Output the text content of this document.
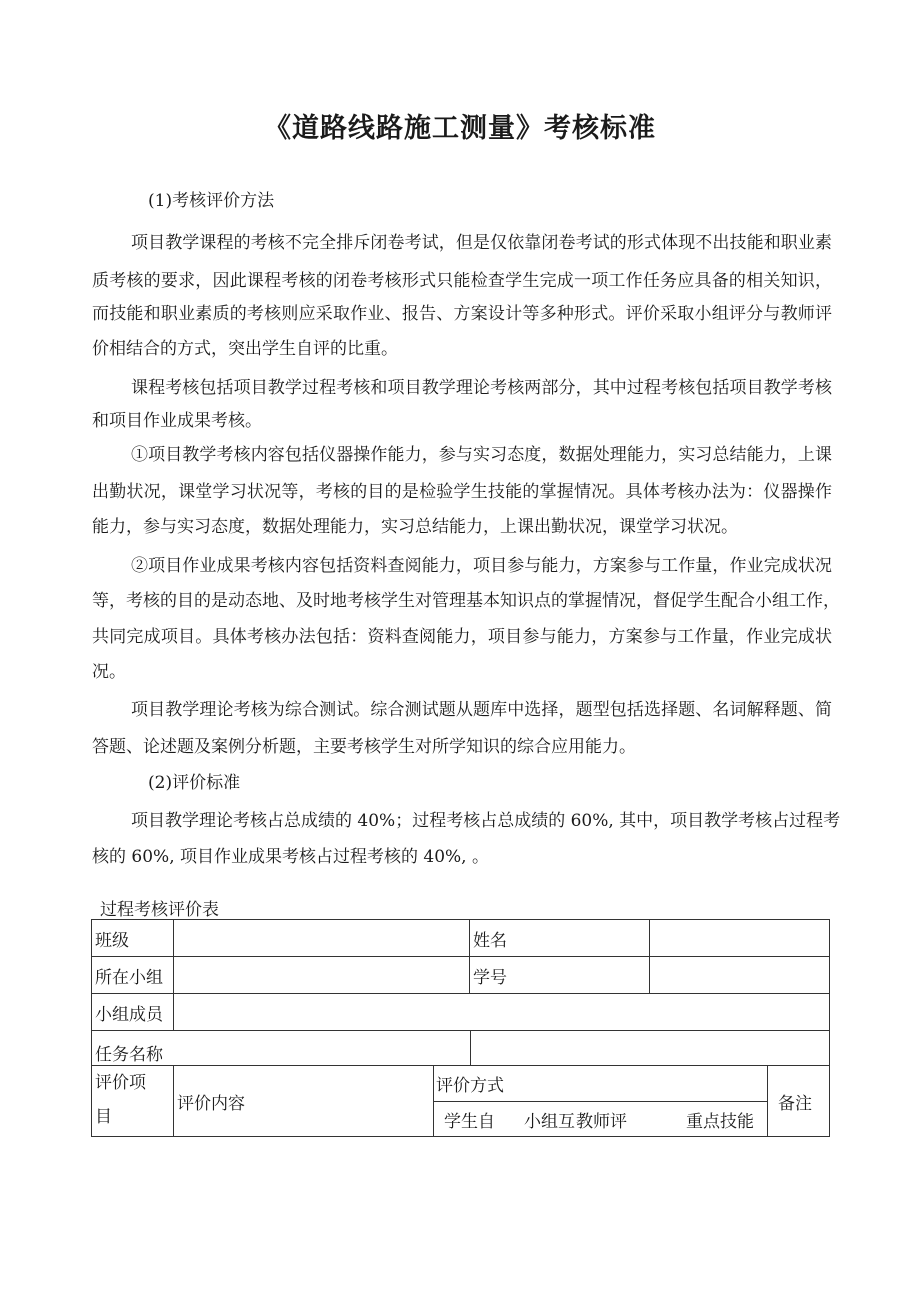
《道路线路施工测量》考核标准

(1)考核评价方法

项目教学课程的考核不完全排斥闭卷考试，但是仅依靠闭卷考试的形式体现不出技能和职业素

质考核的要求，因此课程考核的闭卷考核形式只能检查学生完成一项工作任务应具备的相关知识，

而技能和职业素质的考核则应采取作业、报告、方案设计等多种形式。评价采取小组评分与教师评

价相结合的方式，突出学生自评的比重。

课程考核包括项目教学过程考核和项目教学理论考核两部分，其中过程考核包括项目教学考核

和项目作业成果考核。

①项目教学考核内容包括仪器操作能力，参与实习态度，数据处理能力，实习总结能力，上课

出勤状况，课堂学习状况等，考核的目的是检验学生技能的掌握情况。具体考核办法为：仪器操作

能力，参与实习态度，数据处理能力，实习总结能力，上课出勤状况，课堂学习状况。

②项目作业成果考核内容包括资料查阅能力，项目参与能力，方案参与工作量，作业完成状况

等，考核的目的是动态地、及时地考核学生对管理基本知识点的掌握情况，督促学生配合小组工作，

共同完成项目。具体考核办法包括：资料查阅能力，项目参与能力，方案参与工作量，作业完成状

况。

项目教学理论考核为综合测试。综合测试题从题库中选择，题型包括选择题、名词解释题、简

答题、论述题及案例分析题，主要考核学生对所学知识的综合应用能力。

(2)评价标准

项目教学理论考核占总成绩的 40%；过程考核占总成绩的 60%, 其中，项目教学考核占过程考

核的 60%, 项目作业成果考核占过程考核的 40%, 。

过程考核评价表

班级			姓名		
所在小组			学号		
小组成员					
任务名称					

评价项
目	评价内容	评价方式			备注

		学生自 小组互 教师评 重点技能			
